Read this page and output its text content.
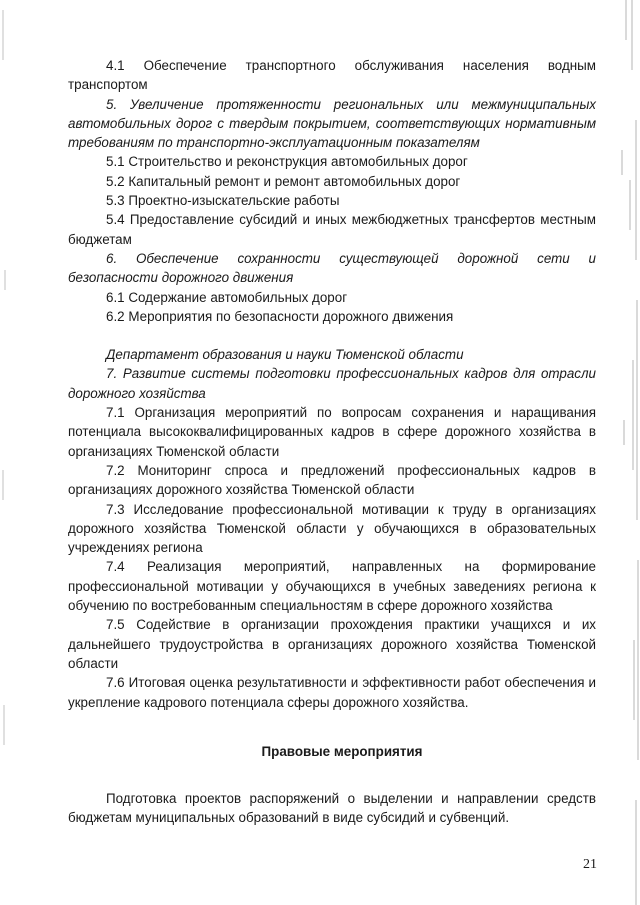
4.1 Обеспечение транспортного обслуживания населения водным транспортом

5. Увеличение протяженности региональных или межмуниципальных автомобильных дорог с твердым покрытием, соответствующих нормативным требованиям по транспортно-эксплуатационным показателям

5.1 Строительство и реконструкция автомобильных дорог

5.2 Капитальный ремонт и ремонт автомобильных дорог

5.3 Проектно-изыскательские работы

5.4 Предоставление субсидий и иных межбюджетных трансфертов местным бюджетам

6. Обеспечение сохранности существующей дорожной сети и безопасности дорожного движения

6.1 Содержание автомобильных дорог

6.2 Мероприятия по безопасности дорожного движения

Департамент образования и науки Тюменской области

7. Развитие системы подготовки профессиональных кадров для отрасли дорожного хозяйства

7.1 Организация мероприятий по вопросам сохранения и наращивания потенциала высококвалифицированных кадров в сфере дорожного хозяйства в организациях Тюменской области

7.2 Мониторинг спроса и предложений профессиональных кадров в организациях дорожного хозяйства Тюменской области

7.3 Исследование профессиональной мотивации к труду в организациях дорожного хозяйства Тюменской области у обучающихся в образовательных учреждениях региона

7.4 Реализация мероприятий, направленных на формирование профессиональной мотивации у обучающихся в учебных заведениях региона к обучению по востребованным специальностям в сфере дорожного хозяйства

7.5 Содействие в организации прохождения практики учащихся и их дальнейшего трудоустройства в организациях дорожного хозяйства Тюменской области

7.6 Итоговая оценка результативности и эффективности работ обеспечения и укрепление кадрового потенциала сферы дорожного хозяйства.

Правовые мероприятия

Подготовка проектов распоряжений о выделении и направлении средств бюджетам муниципальных образований в виде субсидий и субвенций.

21
